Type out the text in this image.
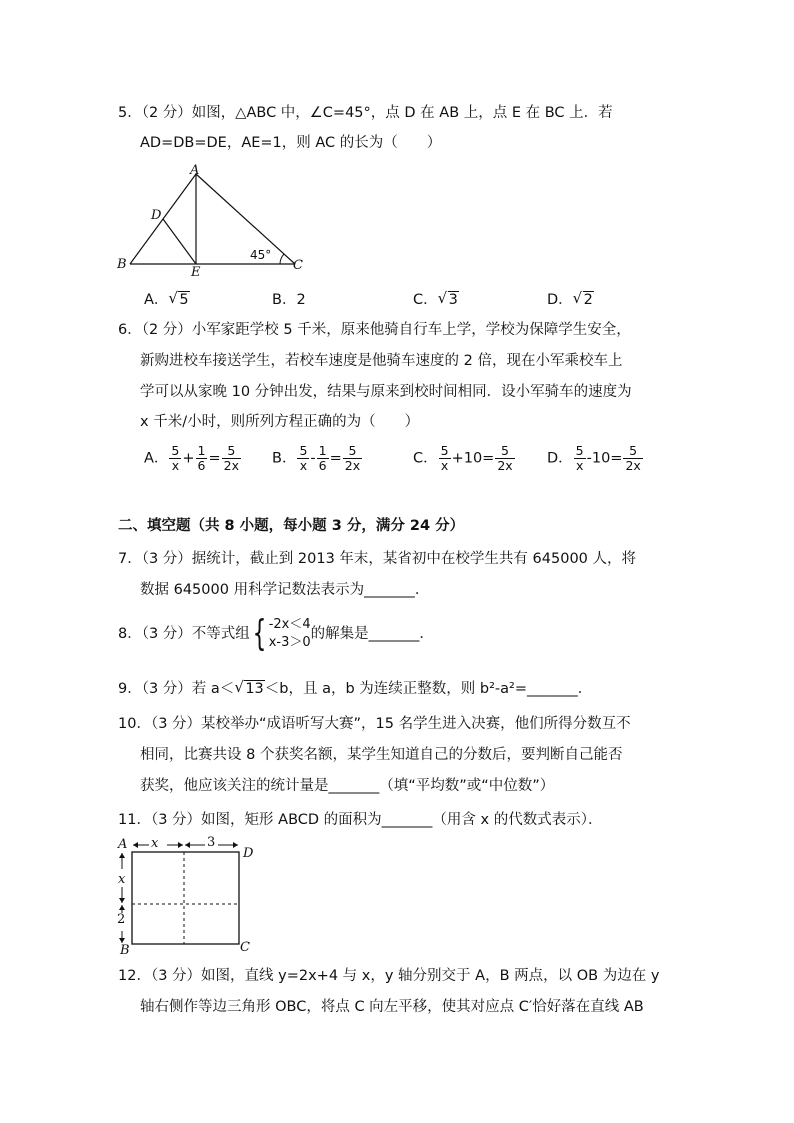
5．（2 分）如图，△ABC 中，∠C=45°，点 D 在 AB 上，点 E 在 BC 上．若
AD=DB=DE，AE=1，则 AC 的长为（　　）
A
D
B
E	C
45°
A． √ 5	B．2	C． √ 3	D． √ 2
6．（2 分）小军家距学校 5 千米，原来他骑自行车上学，学校为保障学生安全，
新购进校车接送学生，若校车速度是他骑车速度的 2 倍，现在小军乘校车上
学可以从家晚 10 分钟出发，结果与原来到校时间相同．设小军骑车的速度为
x 千米/小时，则所列方程正确的为（　　）
A． $\frac{5}{x} + \frac{1}{6} = \frac{5}{2x}$ B． $\frac{5}{x} - \frac{1}{6} = \frac{5}{2x}$	C． $\frac{5}{x} +10= \frac{5}{2x}$ D． $\frac{5}{x} -10= \frac{5}{2x}$
二、填空题（共 8 小题，每小题 3 分，满分 24 分）
7．（3 分）据统计，截止到 2013 年末，某省初中在校学生共有 645000 人，将
数据 645000 用科学记数法表示为_______．
8．（3 分）不等式组{ -2x＜4
x-3＞0
的解集是_______．
9．（3 分）若 a＜ √ 13＜b，且 a，b 为连续正整数，则 b²-a²=_______．
10．（3 分）某校举办“成语听写大赛”，15 名学生进入决赛，他们所得分数互不
相同，比赛共设 8 个获奖名额，某学生知道自己的分数后，要判断自己能否
获奖，他应该关注的统计量是_______（填“平均数”或“中位数”）
11．（3 分）如图，矩形 ABCD 的面积为_______（用含 x 的代数式表示）．
A
D
B	C
x	3
x
2
12．（3 分）如图，直线 y=2x+4 与 x，y 轴分别交于 A，B 两点，以 OB 为边在 y
轴右侧作等边三角形 OBC，将点 C 向左平移，使其对应点 C′恰好落在直线 AB
